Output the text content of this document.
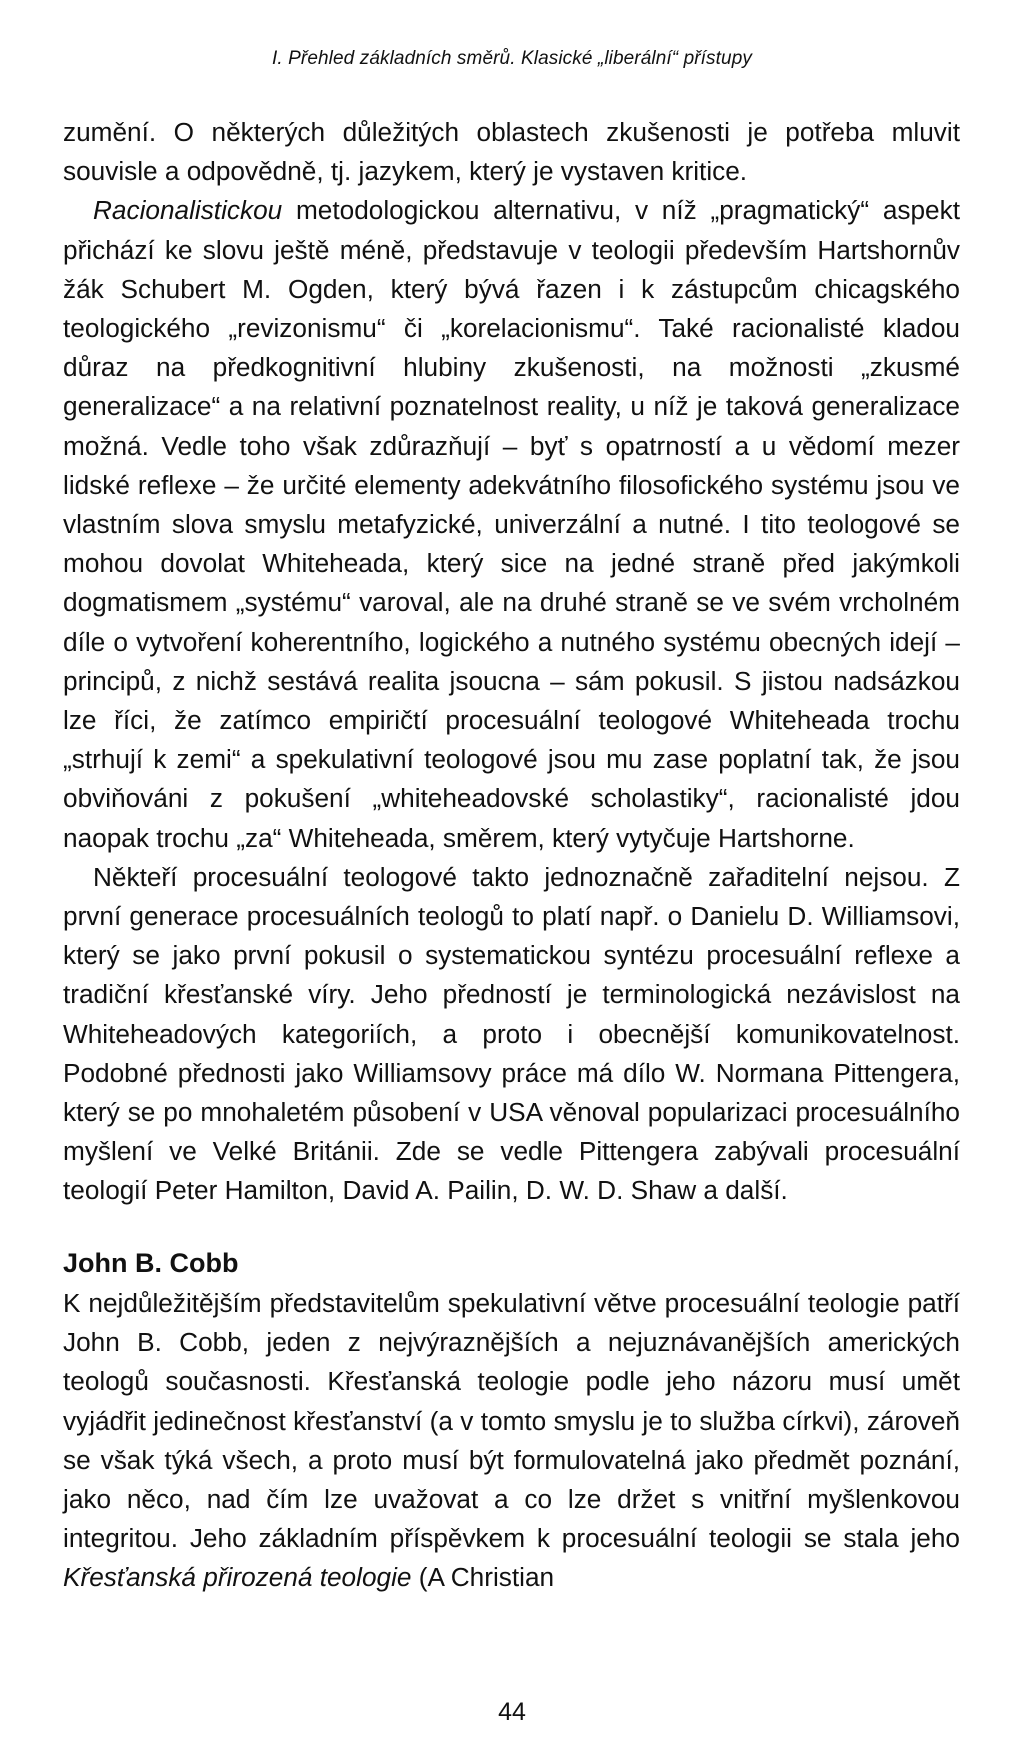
I. Přehled základních směrů. Klasické „liberální“ přístupy

zumění. O některých důležitých oblastech zkušenosti je potřeba mluvit souvisle a odpovědně, tj. jazykem, který je vystaven kritice.

Racionalistickou metodologickou alternativu, v níž „pragmatický“ aspekt přichází ke slovu ještě méně, představuje v teologii především Hartshornův žák Schubert M. Ogden, který bývá řazen i k zástupcům chicagského teologického „revizonismu“ či „korelacionismu“. Také racionalisté kladou důraz na předkognitivní hlubiny zkušenosti, na možnosti „zkusmé generalizace“ a na relativní poznatelnost reality, u níž je taková generalizace možná. Vedle toho však zdůrazňují – byť s opatrností a u vědomí mezer lidské reflexe – že určité elementy adekvátního filosofického systému jsou ve vlastním slova smyslu metafyzické, univerzální a nutné. I tito teologové se mohou dovolat Whiteheada, který sice na jedné straně před jakýmkoli dogmatismem „systému“ varoval, ale na druhé straně se ve svém vrcholném díle o vytvoření koherentního, logického a nutného systému obecných idejí – principů, z nichž sestává realita jsoucna – sám pokusil. S jistou nadsázkou lze říci, že zatímco empiričtí procesuální teologové Whiteheada trochu „strhují k zemi“ a spekulativní teologové jsou mu zase poplatní tak, že jsou obviňováni z pokušení „whiteheadovské scholastiky“, racionalisté jdou naopak trochu „za“ Whiteheada, směrem, který vytyčuje Hartshorne.

Někteří procesuální teologové takto jednoznačně zařaditelní nejsou. Z první generace procesuálních teologů to platí např. o Danielu D. Williamsovi, který se jako první pokusil o systematickou syntézu procesuální reflexe a tradiční křesťanské víry. Jeho předností je terminologická nezávislost na Whiteheadových kategoriích, a proto i obecnější komunikovatelnost. Podobné přednosti jako Williamsovy práce má dílo W. Normana Pittengera, který se po mnohaletém působení v USA věnoval popularizaci procesuálního myšlení ve Velké Británii. Zde se vedle Pittengera zabývali procesuální teologií Peter Hamilton, David A. Pailin, D. W. D. Shaw a další.

John B. Cobb

K nejdůležitějším představitelům spekulativní větve procesuální teologie patří John B. Cobb, jeden z nejvýraznějších a nejuznávanějších amerických teologů současnosti. Křesťanská teologie podle jeho názoru musí umět vyjádřit jedinečnost křesťanství (a v tomto smyslu je to služba církvi), zároveň se však týká všech, a proto musí být formulovatelná jako předmět poznání, jako něco, nad čím lze uvažovat a co lze držet s vnitřní myšlenkovou integritou. Jeho základním příspěvkem k procesuální teologii se stala jeho Křesťanská přirozená teologie (A Christian

44
